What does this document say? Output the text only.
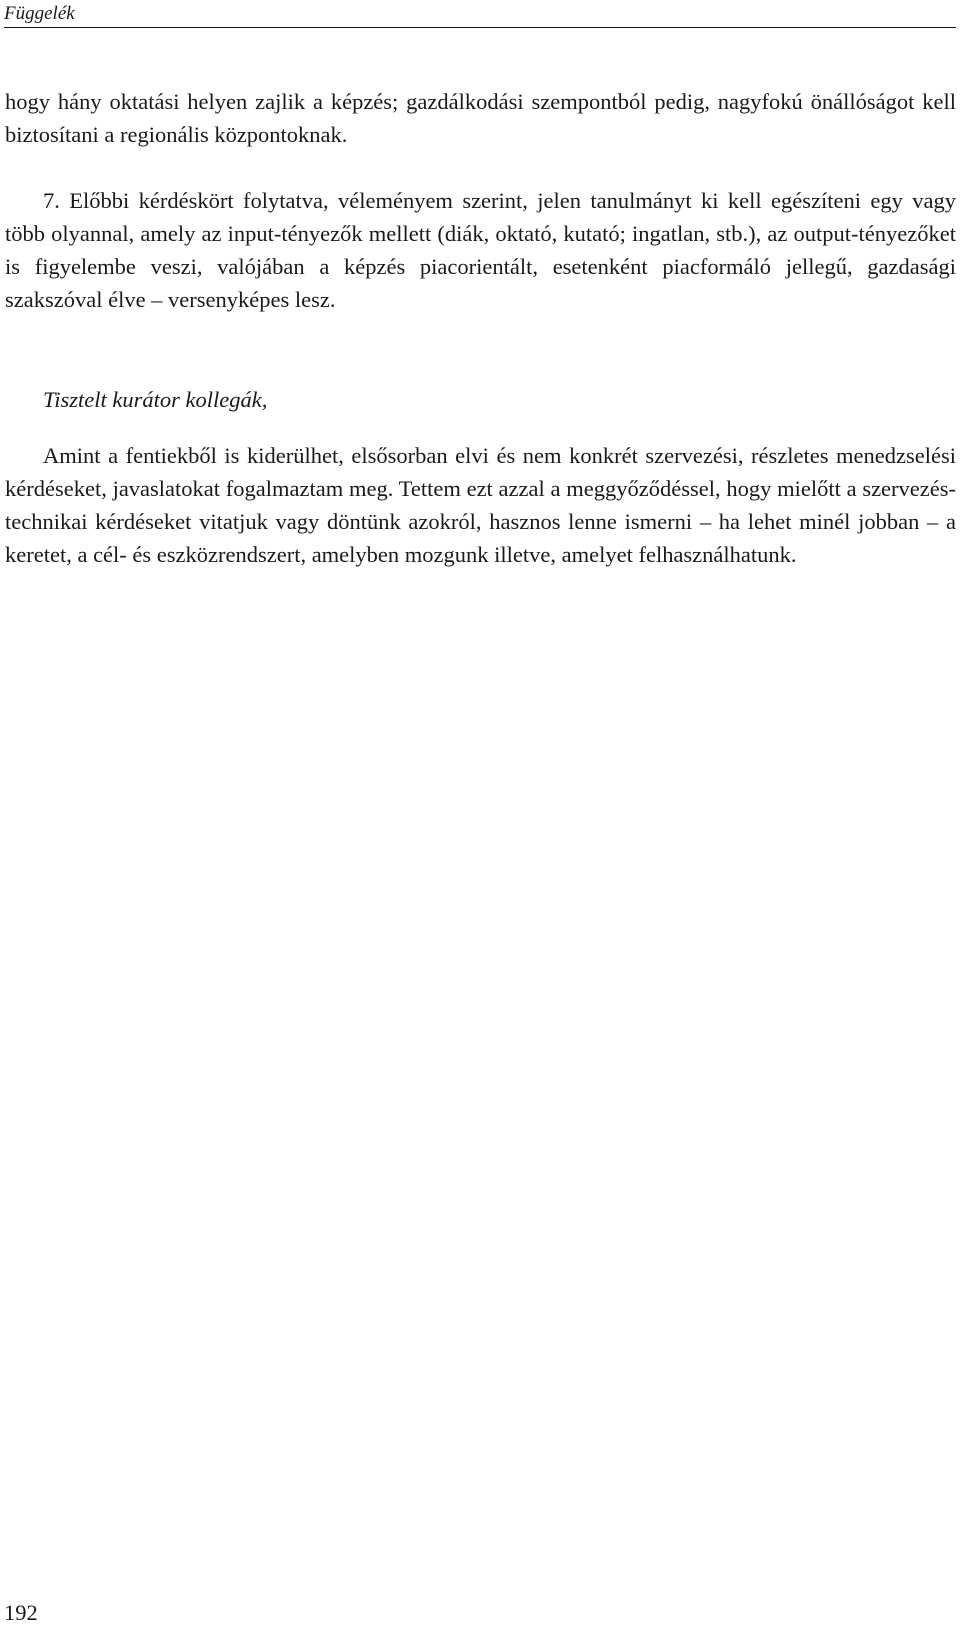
Függelék

hogy hány oktatási helyen zajlik a képzés; gazdálkodási szempontból pedig, nagyfokú önállóságot kell biztosítani a regionális központoknak.

7. Előbbi kérdéskört folytatva, véleményem szerint, jelen tanulmányt ki kell egészíteni egy vagy több olyannal, amely az input-tényezők mellett (diák, oktató, kutató; ingatlan, stb.), az output-tényezőket is figyelembe veszi, valójában a képzés piacorientált, esetenként piacformáló jellegű, gazdasági szakszóval élve – versenyképes lesz.

Tisztelt kurátor kollegák,

Amint a fentiekből is kiderülhet, elsősorban elvi és nem konkrét szervezési, részletes menedzselési kérdéseket, javaslatokat fogalmaztam meg. Tettem ezt azzal a meggyőződéssel, hogy mielőtt a szervezés-technikai kérdéseket vitatjuk vagy döntünk azokról, hasznos lenne ismerni – ha lehet minél jobban – a keretet, a cél- és eszközrendszert, amelyben mozgunk illetve, amelyet felhasználhatunk.

192
